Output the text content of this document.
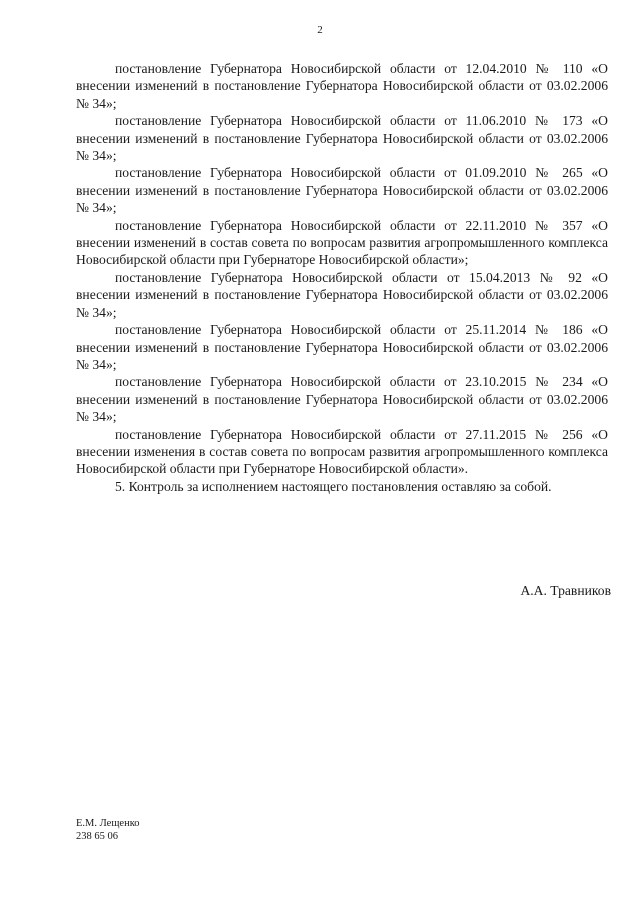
2

постановление Губернатора Новосибирской области от 12.04.2010 № 110 «О внесении изменений в постановление Губернатора Новосибирской области от 03.02.2006 № 34»;

постановление Губернатора Новосибирской области от 11.06.2010 № 173 «О внесении изменений в постановление Губернатора Новосибирской области от 03.02.2006 № 34»;

постановление Губернатора Новосибирской области от 01.09.2010 № 265 «О внесении изменений в постановление Губернатора Новосибирской области от 03.02.2006 № 34»;

постановление Губернатора Новосибирской области от 22.11.2010 № 357 «О внесении изменений в состав совета по вопросам развития агропромышленного комплекса Новосибирской области при Губернаторе Новосибирской области»;

постановление Губернатора Новосибирской области от 15.04.2013 № 92 «О внесении изменений в постановление Губернатора Новосибирской области от 03.02.2006 № 34»;

постановление Губернатора Новосибирской области от 25.11.2014 № 186 «О внесении изменений в постановление Губернатора Новосибирской области от 03.02.2006 № 34»;

постановление Губернатора Новосибирской области от 23.10.2015 № 234 «О внесении изменений в постановление Губернатора Новосибирской области от 03.02.2006 № 34»;

постановление Губернатора Новосибирской области от 27.11.2015 № 256 «О внесении изменения в состав совета по вопросам развития агропромышленного комплекса Новосибирской области при Губернаторе Новосибирской области».

5. Контроль за исполнением настоящего постановления оставляю за собой.

А.А. Травников
Е.М. Лещенко
238 65 06
